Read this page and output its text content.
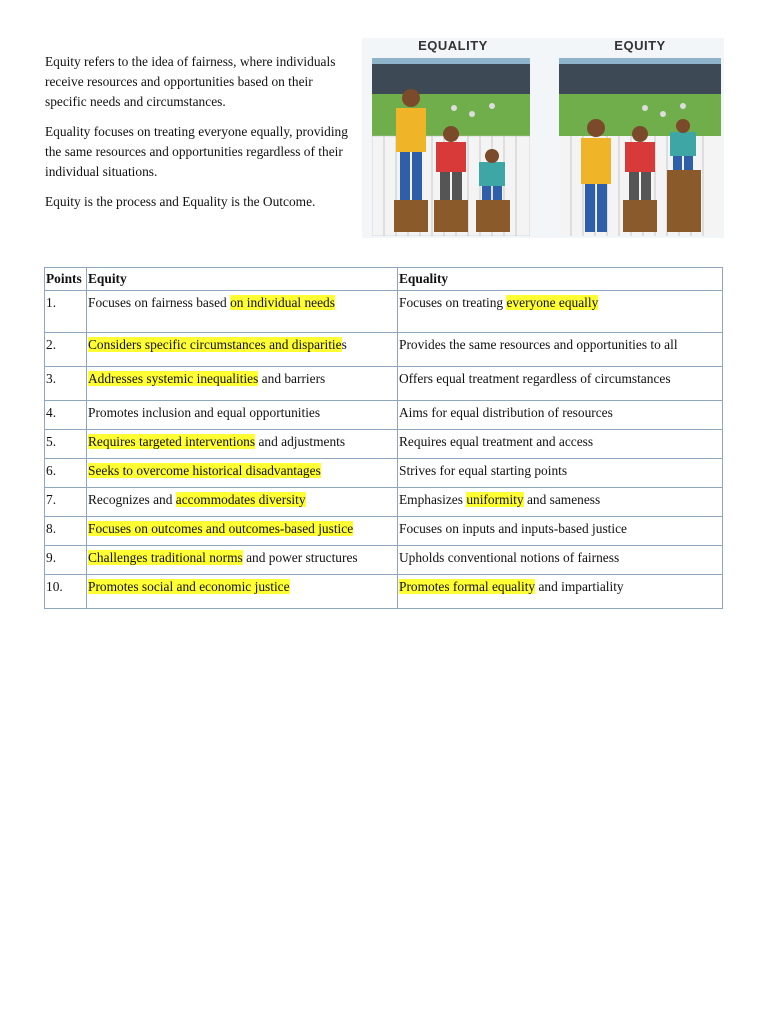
Equity refers to the idea of fairness, where individuals receive resources and opportunities based on their specific needs and circumstances.

Equality focuses on treating everyone equally, providing the same resources and opportunities regardless of their individual situations.

Equity is the process and Equality is the Outcome.

EQUALITY	EQUITY
Points	Equity	Equality
1.	Focuses on fairness based on individual needs	Focuses on treating everyone equally
2.	Considers specific circumstances and disparities	Provides the same resources and opportunities to all
3.	Addresses systemic inequalities and barriers	Offers equal treatment regardless of circumstances
4.	Promotes inclusion and equal opportunities	Aims for equal distribution of resources
5.	Requires targeted interventions and adjustments	Requires equal treatment and access
6.	Seeks to overcome historical disadvantages	Strives for equal starting points
7.	Recognizes and accommodates diversity	Emphasizes uniformity and sameness
8.	Focuses on outcomes and outcomes-based justice	Focuses on inputs and inputs-based justice
9.	Challenges traditional norms and power structures	Upholds conventional notions of fairness
10.	Promotes social and economic justice	Promotes formal equality and impartiality
